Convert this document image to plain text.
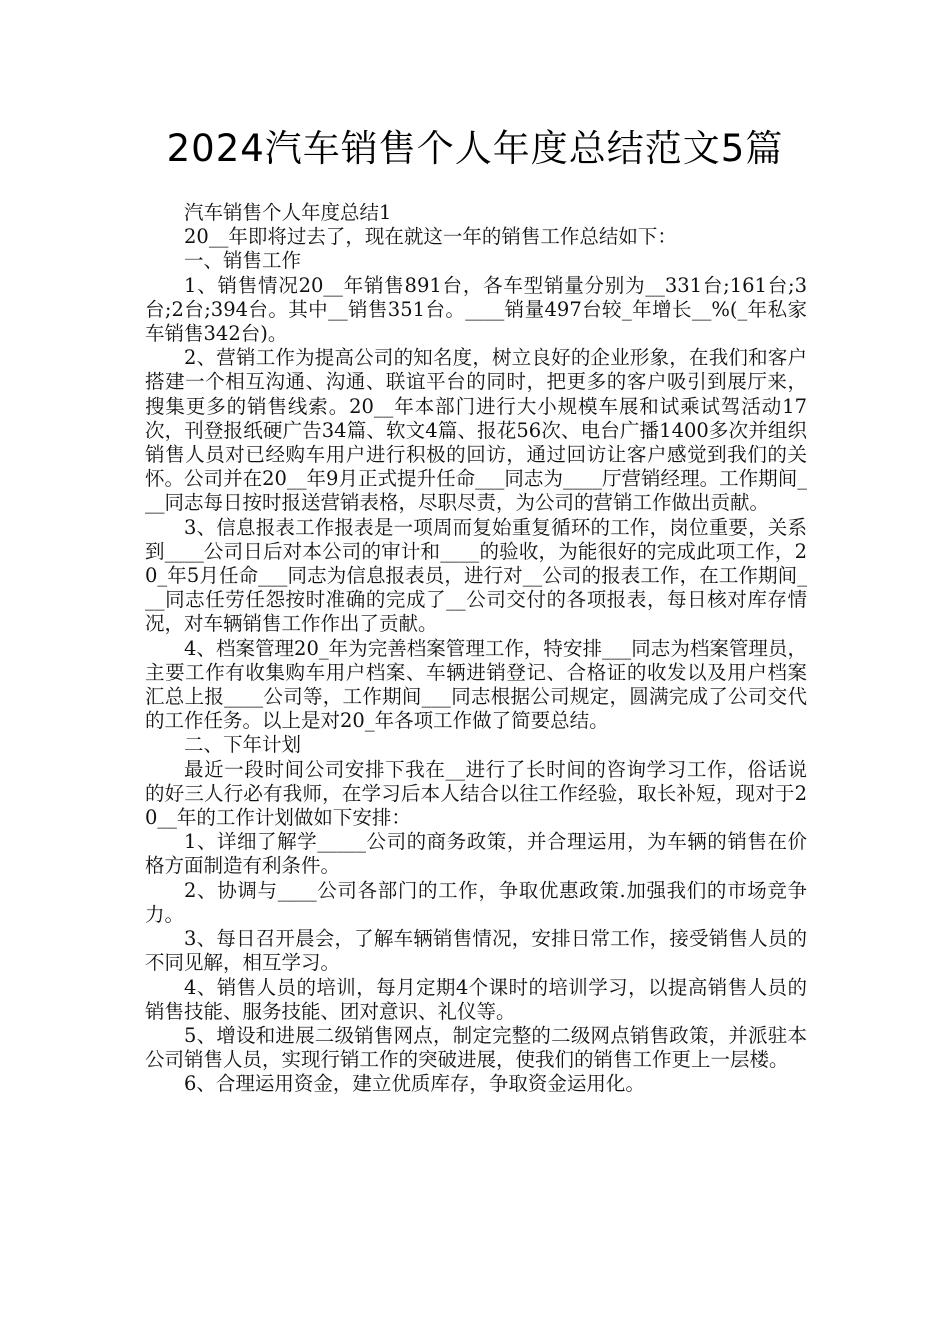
2024汽车销售个人年度总结范文5篇

汽车销售个人年度总结1

20__年即将过去了，现在就这一年的销售工作总结如下：

一、销售工作

1、销售情况20__年销售891台，各车型销量分别为__331台;161台;3台;2台;394台。其中__销售351台。____销量497台较_年增长__%(_年私家车销售342台)。

2、营销工作为提高公司的知名度，树立良好的企业形象，在我们和客户搭建一个相互沟通、沟通、联谊平台的同时，把更多的客户吸引到展厅来，搜集更多的销售线索。20__年本部门进行大小规模车展和试乘试驾活动17次，刊登报纸硬广告34篇、软文4篇、报花56次、电台广播1400多次并组织销售人员对已经购车用户进行积极的回访，通过回访让客户感觉到我们的关怀。公司并在20__年9月正式提升任命___同志为____厅营销经理。工作期间___同志每日按时报送营销表格，尽职尽责，为公司的营销工作做出贡献。

3、信息报表工作报表是一项周而复始重复循环的工作，岗位重要，关系到____公司日后对本公司的审计和____的验收，为能很好的完成此项工作，20_年5月任命___同志为信息报表员，进行对__公司的报表工作，在工作期间___同志任劳任怨按时准确的完成了__公司交付的各项报表，每日核对库存情况，对车辆销售工作作出了贡献。

4、档案管理20_年为完善档案管理工作，特安排___同志为档案管理员，主要工作有收集购车用户档案、车辆进销登记、合格证的收发以及用户档案汇总上报____公司等，工作期间___同志根据公司规定，圆满完成了公司交代的工作任务。以上是对20_年各项工作做了简要总结。

二、下年计划

最近一段时间公司安排下我在__进行了长时间的咨询学习工作，俗话说的好三人行必有我师，在学习后本人结合以往工作经验，取长补短，现对于20__年的工作计划做如下安排：

1、详细了解学_____公司的商务政策，并合理运用，为车辆的销售在价格方面制造有利条件。

2、协调与____公司各部门的工作，争取优惠政策.加强我们的市场竞争力。

3、每日召开晨会，了解车辆销售情况，安排日常工作，接受销售人员的不同见解，相互学习。

4、销售人员的培训，每月定期4个课时的培训学习，以提高销售人员的销售技能、服务技能、团对意识、礼仪等。

5、增设和进展二级销售网点，制定完整的二级网点销售政策，并派驻本公司销售人员，实现行销工作的突破进展，使我们的销售工作更上一层楼。

6、合理运用资金，建立优质库存，争取资金运用化。
